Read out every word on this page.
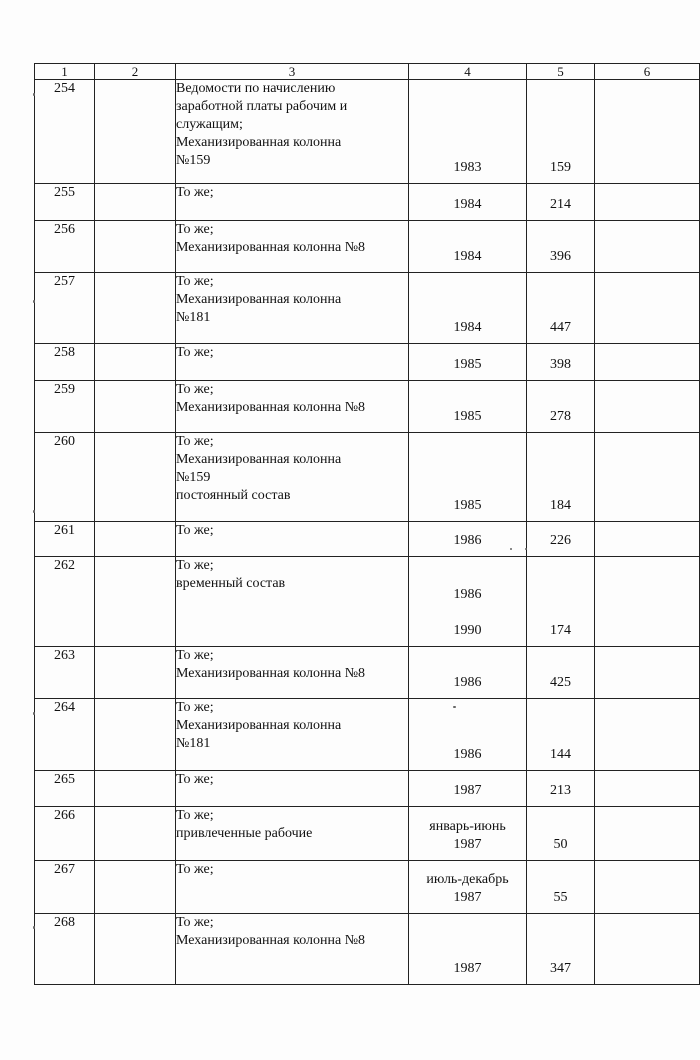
1	2	3	4	5	6
254		Ведомости по начислению
заработной платы рабочим и
служащим;
Механизированная колонна
№159	1983	159	
255		То же;	1984	214	
256		То же;
Механизированная колонна №8	1984	396	
257		То же;
Механизированная колонна
№181	1984	447	
258		То же;	1985	398	
259		То же;
Механизированная колонна №8	1985	278	
260		То же;
Механизированная колонна
№159
постоянный состав	1985	184	
261		То же;	1986	226	
262		То же;
временный состав	1986

1990	174	
263		То же;
Механизированная колонна №8	1986	425	
264		То же;
Механизированная колонна
№181	1986	144	
265		То же;	1987	213	
266		То же;
привлеченные рабочие	январь-июнь
1987	50	
267		То же;	июль-декабрь
1987	55	
268		То же;
Механизированная колонна №8	1987	347	
